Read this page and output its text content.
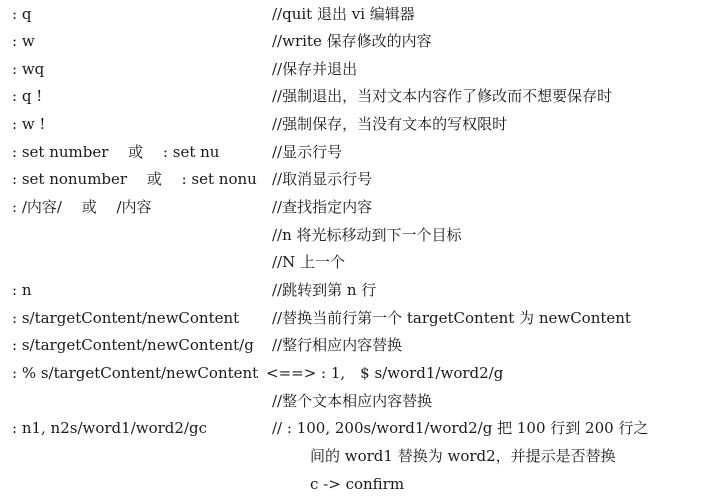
: q	//quit 退出 vi 编辑器
: w	//write 保存修改的内容
: wq	//保存并退出
: q !	//强制退出，当对文本内容作了修改而不想要保存时
: w !	//强制保存，当没有文本的写权限时
: set number　 或　 : set nu	//显示行号
: set nonumber　 或　 : set nonu //取消显示行号
: /内容/　 或　 /内容	//查找指定内容
//n 将光标移动到下一个目标
//N 上一个
: n	//跳转到第 n 行
: s/targetContent/newContent //替换当前行第一个 targetContent 为 newContent
: s/targetContent/newContent/g //整行相应内容替换
: % s/targetContent/newContent <==> : 1,　$ s/word1/word2/g
//整个文本相应内容替换
: n1, n2s/word1/word2/gc	// : 100, 200s/word1/word2/g 把 100 行到 200 行之
间的 word1 替换为 word2，并提示是否替换
c -> confirm
